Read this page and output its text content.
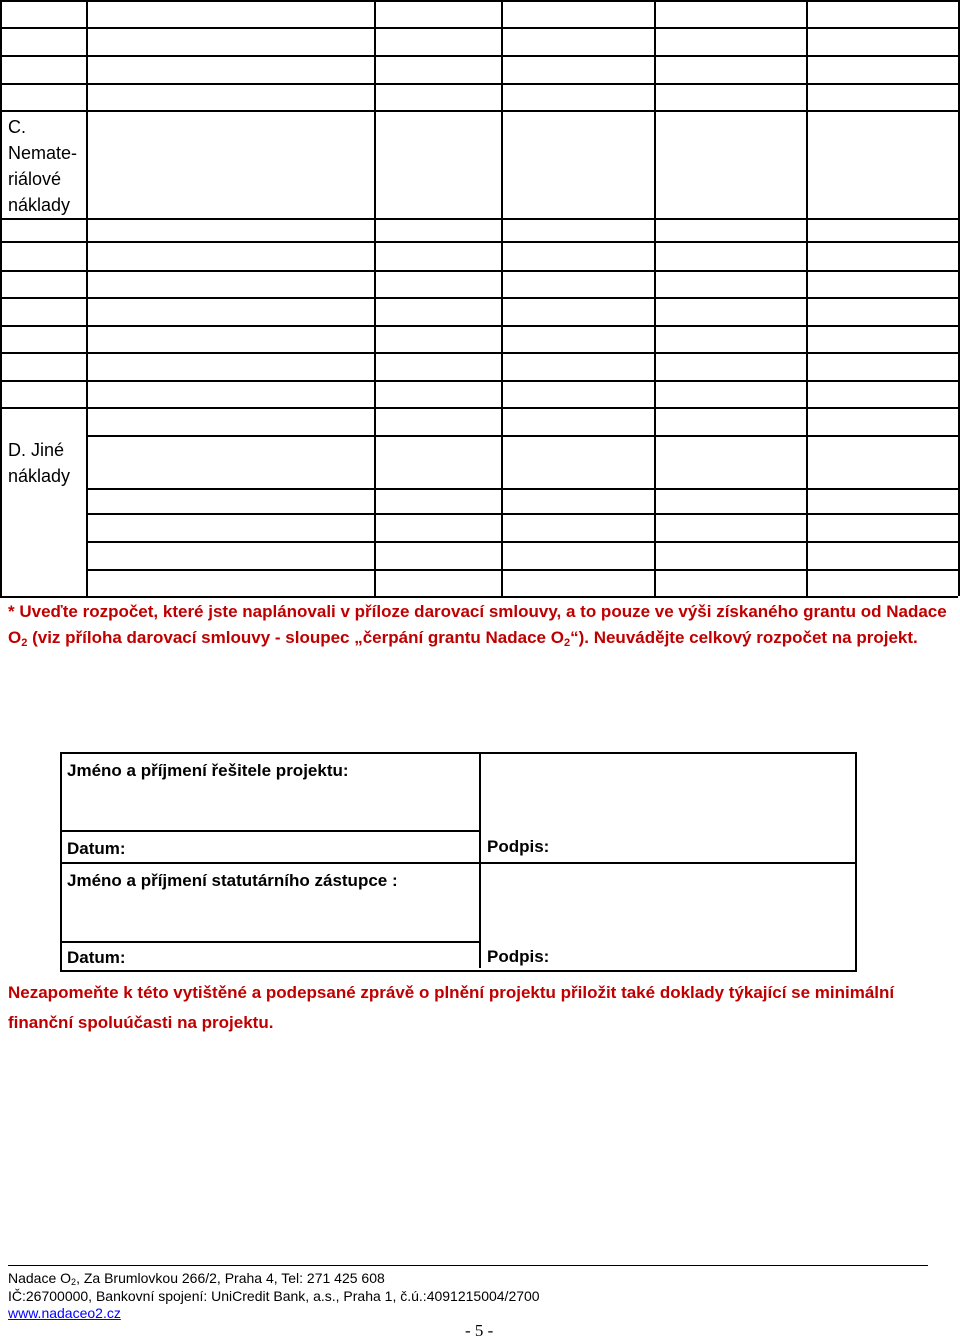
C.
Nemate-
riálové
náklady
D. Jiné
náklady
* Uveďte rozpočet, které jste naplánovali v příloze darovací smlouvy, a to pouze ve výši získaného grantu od Nadace $O_2$ (viz příloha darovací smlouvy - sloupec „čerpání grantu Nadace $O_2“$). Neuvádějte celkový rozpočet na projekt.
Jméno a příjmení řešitele projektu:
Datum:	Podpis:
Jméno a příjmení statutárního zástupce :
Datum:	Podpis:
Nezapomeňte k této vytištěné a podepsané zprávě o plnění projektu přiložit také doklady týkající se minimální finanční spoluúčasti na projektu.
Nadace $O_2$, Za Brumlovkou 266/2, Praha 4, Tel: 271 425 608
IČ:26700000, Bankovní spojení: UniCredit Bank, a.s., Praha 1, č.ú.:4091215004/2700
www.nadaceo2.cz
- 5 -
